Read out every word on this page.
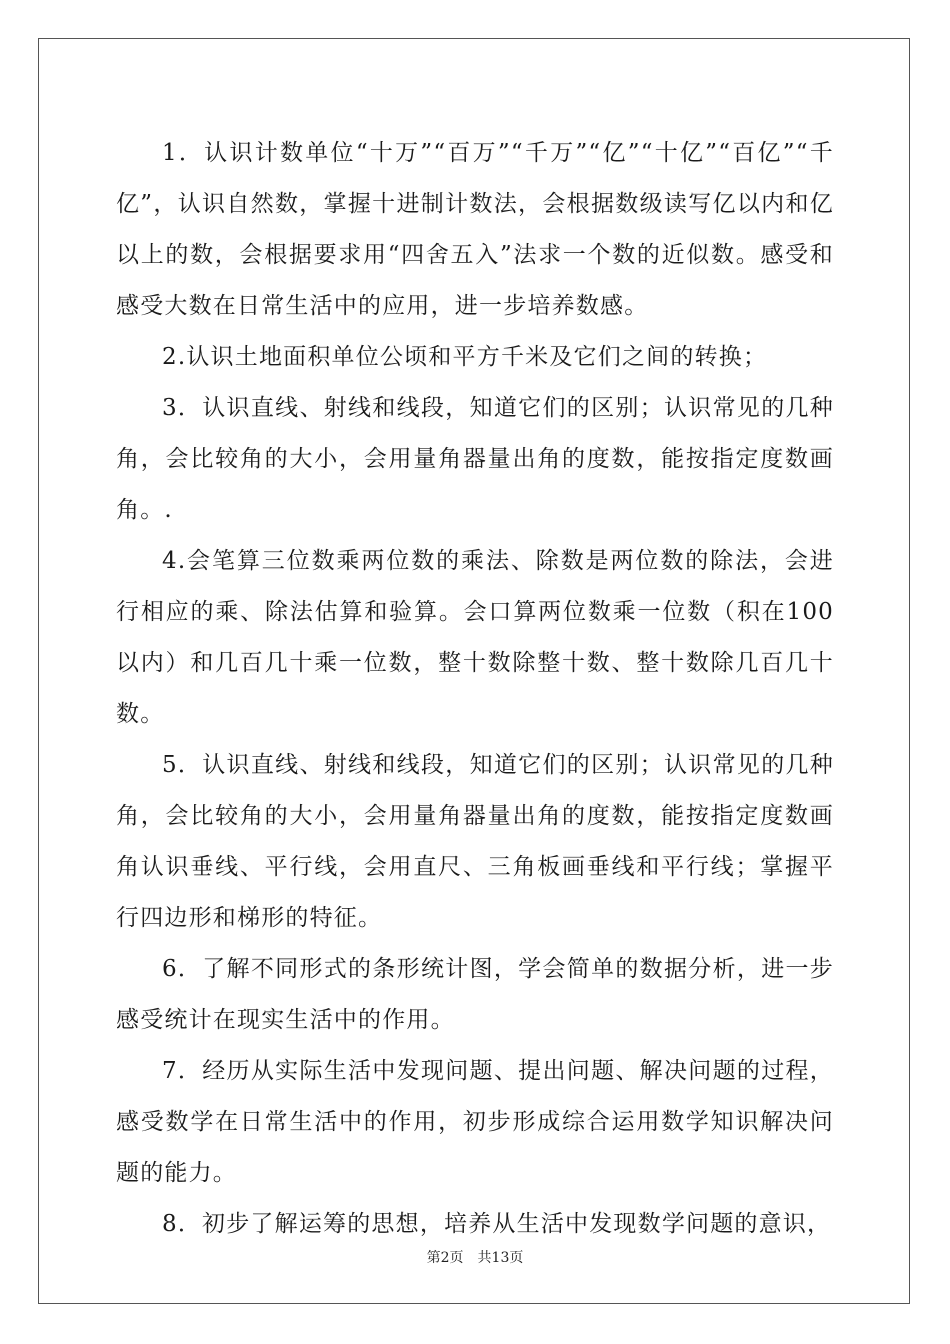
1．认识计数单位“十万”“百万”“千万”“亿”“十亿”“百亿”“千亿”，认识自然数，掌握十进制计数法，会根据数级读写亿以内和亿以上的数，会根据要求用“四舍五入”法求一个数的近似数。感受和感受大数在日常生活中的应用，进一步培养数感。

2.认识土地面积单位公顷和平方千米及它们之间的转换；

3．认识直线、射线和线段，知道它们的区别；认识常见的几种角，会比较角的大小，会用量角器量出角的度数，能按指定度数画角。.

4.会笔算三位数乘两位数的乘法、除数是两位数的除法，会进行相应的乘、除法估算和验算。会口算两位数乘一位数（积在100以内）和几百几十乘一位数，整十数除整十数、整十数除几百几十数。

5．认识直线、射线和线段，知道它们的区别；认识常见的几种角，会比较角的大小，会用量角器量出角的度数，能按指定度数画角认识垂线、平行线，会用直尺、三角板画垂线和平行线；掌握平行四边形和梯形的特征。

6．了解不同形式的条形统计图，学会简单的数据分析，进一步感受统计在现实生活中的作用。

7．经历从实际生活中发现问题、提出问题、解决问题的过程，感受数学在日常生活中的作用，初步形成综合运用数学知识解决问题的能力。

8．初步了解运筹的思想，培养从生活中发现数学问题的意识，

第2页 共13页
